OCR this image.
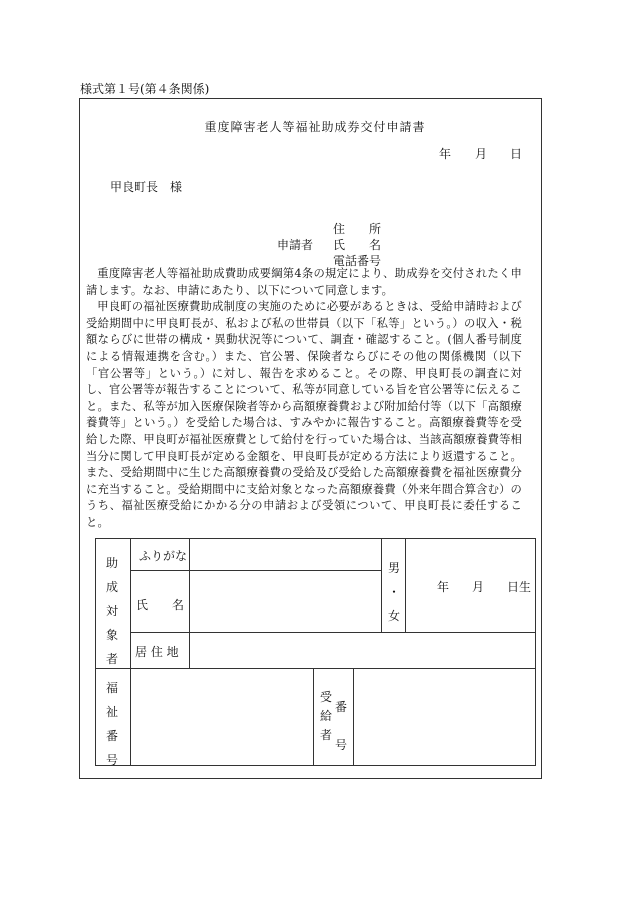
様式第１号(第４条関係)
重度障害老人等福祉助成券交付申請書
年 月 日
甲良町長　様
住　　所
申請者 氏　　名
電話番号

重度障害老人等福祉助成費助成要綱第4条の規定により、助成券を交付されたく申請します。なお、申請にあたり、以下について同意します。

甲良町の福祉医療費助成制度の実施のために必要があるときは、受給申請時および受給期間中に甲良町長が、私および私の世帯員（以下「私等」という。）の収入・税額ならびに世帯の構成・異動状況等について、調査・確認すること。(個人番号制度による情報連携を含む。）また、官公署、保険者ならびにその他の関係機関（以下「官公署等」という。）に対し、報告を求めること。その際、甲良町長の調査に対し、官公署等が報告することについて、私等が同意している旨を官公署等に伝えること。また、私等が加入医療保険者等から高額療養費および附加給付等（以下「高額療養費等」という。）を受給した場合は、すみやかに報告すること。高額療養費等を受給した際、甲良町が福祉医療費として給付を行っていた場合は、当該高額療養費等相当分に関して甲良町長が定める金額を、甲良町長が定める方法により返還すること。また、受給期間中に生じた高額療養費の受給及び受給した高額療養費を福祉医療費分に充当すること。受給期間中に支給対象となった高額療養費（外来年間合算含む）のうち、福祉医療受給にかかる分の申請および受領について、甲良町長に委任すること。

助
成
対
象
者
ふりがな
氏　　名
居 住 地
男
・
女
年 月 日生
福
祉
番
号
受
給
者
番
号
